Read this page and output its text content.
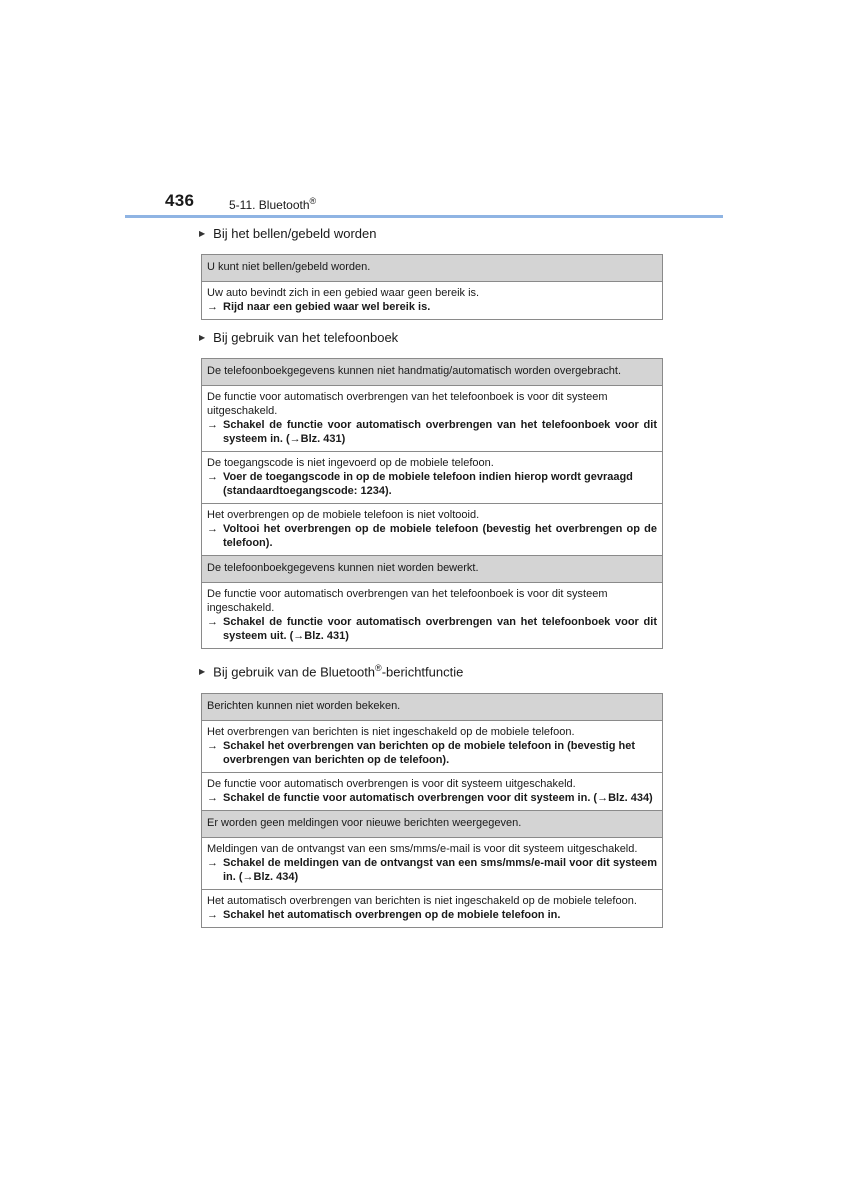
436	5-11. Bluetooth®
▶ Bij het bellen/gebeld worden
U kunt niet bellen/gebeld worden.

Uw auto bevindt zich in een gebied waar geen bereik is.
→ Rijd naar een gebied waar wel bereik is.
▶ Bij gebruik van het telefoonboek
De telefoonboekgegevens kunnen niet handmatig/automatisch worden overgebracht.

De functie voor automatisch overbrengen van het telefoonboek is voor dit systeem uitgeschakeld.
→ Schakel de functie voor automatisch overbrengen van het telefoonboek voor dit systeem in. (→Blz. 431)

De toegangscode is niet ingevoerd op de mobiele telefoon.
→ Voer de toegangscode in op de mobiele telefoon indien hierop wordt gevraagd (standaardtoegangscode: 1234).

Het overbrengen op de mobiele telefoon is niet voltooid.
→ Voltooi het overbrengen op de mobiele telefoon (bevestig het overbrengen op de telefoon).

De telefoonboekgegevens kunnen niet worden bewerkt.

De functie voor automatisch overbrengen van het telefoonboek is voor dit systeem ingeschakeld.
→ Schakel de functie voor automatisch overbrengen van het telefoonboek voor dit systeem uit. (→Blz. 431)
▶ Bij gebruik van de Bluetooth®-berichtfunctie
Berichten kunnen niet worden bekeken.

Het overbrengen van berichten is niet ingeschakeld op de mobiele telefoon.
→ Schakel het overbrengen van berichten op de mobiele telefoon in (bevestig het overbrengen van berichten op de telefoon).

De functie voor automatisch overbrengen is voor dit systeem uitgeschakeld.
→ Schakel de functie voor automatisch overbrengen voor dit systeem in. (→Blz. 434)

Er worden geen meldingen voor nieuwe berichten weergegeven.

Meldingen van de ontvangst van een sms/mms/e-mail is voor dit systeem uitgeschakeld.
→ Schakel de meldingen van de ontvangst van een sms/mms/e-mail voor dit systeem in. (→Blz. 434)

Het automatisch overbrengen van berichten is niet ingeschakeld op de mobiele telefoon.
→ Schakel het automatisch overbrengen op de mobiele telefoon in.
